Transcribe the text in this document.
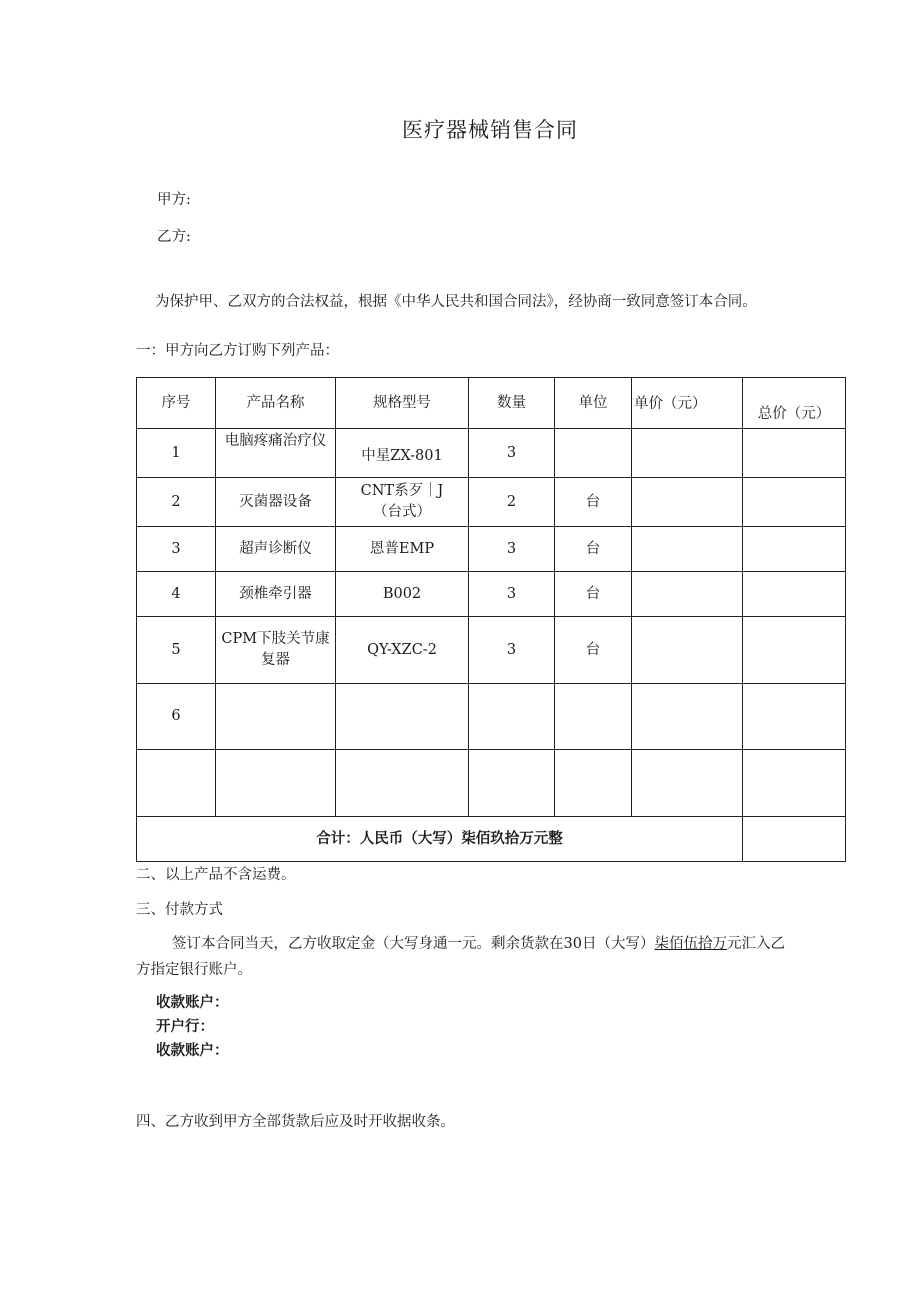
医疗器械销售合同
甲方:
乙方:
为保护甲、乙双方的合法权益，根据《中华人民共和国合同法》，经协商一致同意签订本合同。
一：甲方向乙方订购下列产品：
序号	产品名称	规格型号	数量	单位	单价（元）	总价（元）
1	电脑疼痛治疗仪	中星ZX-801	3			
2	灭菌器设备	CNT系歹｜J（台式）	2	台		
3	超声诊断仪	恩普EMP	3	台		
4	颈椎牵引器	B002	3	台		
5	CPM下肢关节康复器	QY-XZC-2	3	台		
6						

合计：人民币（大写）柒佰玖拾万元整						
二、以上产品不含运费。
三、付款方式
签订本合同当天，乙方收取定金（大写身通一元。剩余货款在30日（大写）柒佰伍拾万元汇入乙
方指定银行账户。
收款账户：
开户行：
收款账户：
四、乙方收到甲方全部货款后应及时开收据收条。
